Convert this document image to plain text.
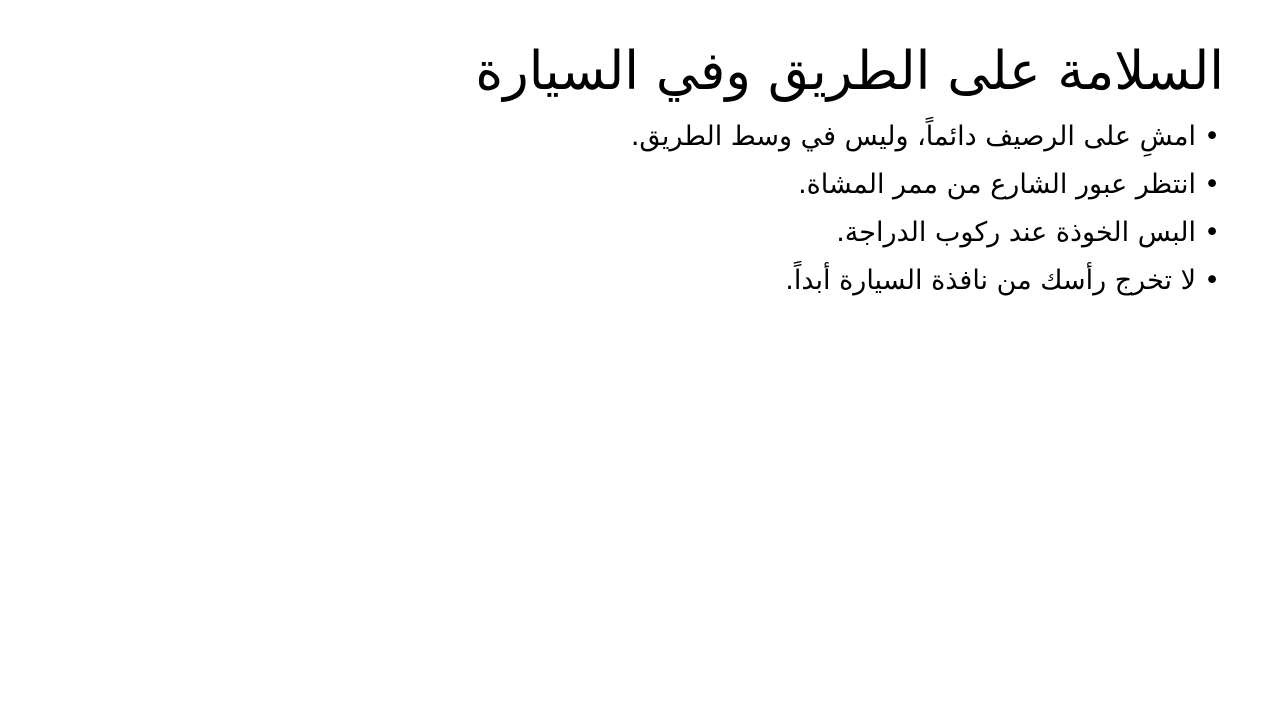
السلامة على الطريق وفي السيارة
• امشِ على الرصيف دائماً، وليس في وسط الطريق.
• انتظر عبور الشارع من ممر المشاة.
• البس الخوذة عند ركوب الدراجة.
• لا تخرج رأسك من نافذة السيارة أبداً.
